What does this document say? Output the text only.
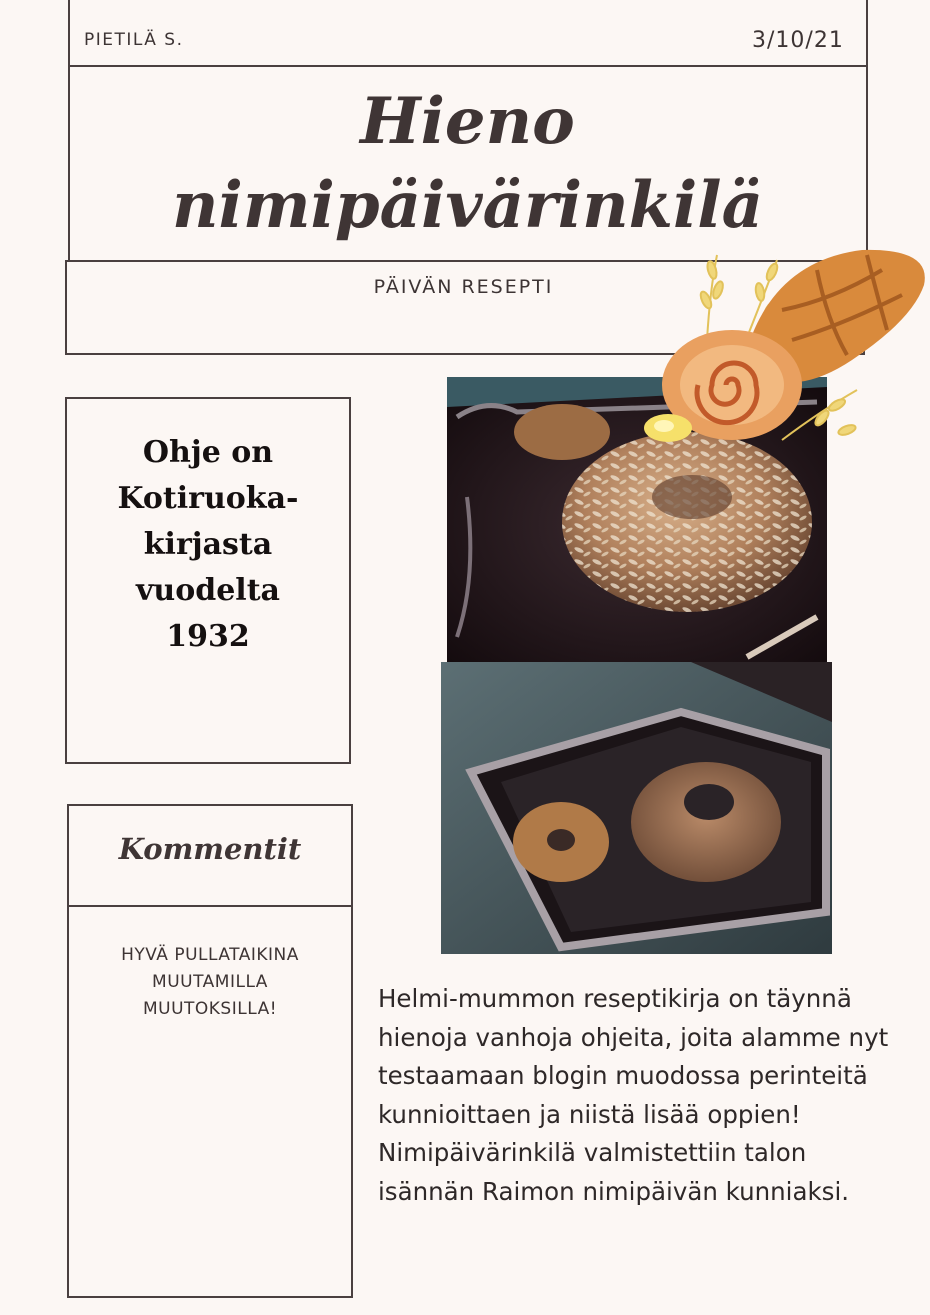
PIETILÄ S.	3/10/21
Hieno
nimipäivärinkilä
PÄIVÄN RESEPTI
Ohje on
Kotiruoka-
kirjasta vuodelta
1932
Kommentit
HYVÄ PULLATAIKINA
MUUTAMILLA
MUUTOKSILLA!	Helmi-mummon reseptikirja on täynnä hienoja vanhoja ohjeita, joita alamme nyt testaamaan blogin muodossa perinteitä kunnioittaen ja niistä lisää oppien!

Nimipäivärinkilä valmistettiin talon isännän Raimon nimipäivän kunniaksi.
